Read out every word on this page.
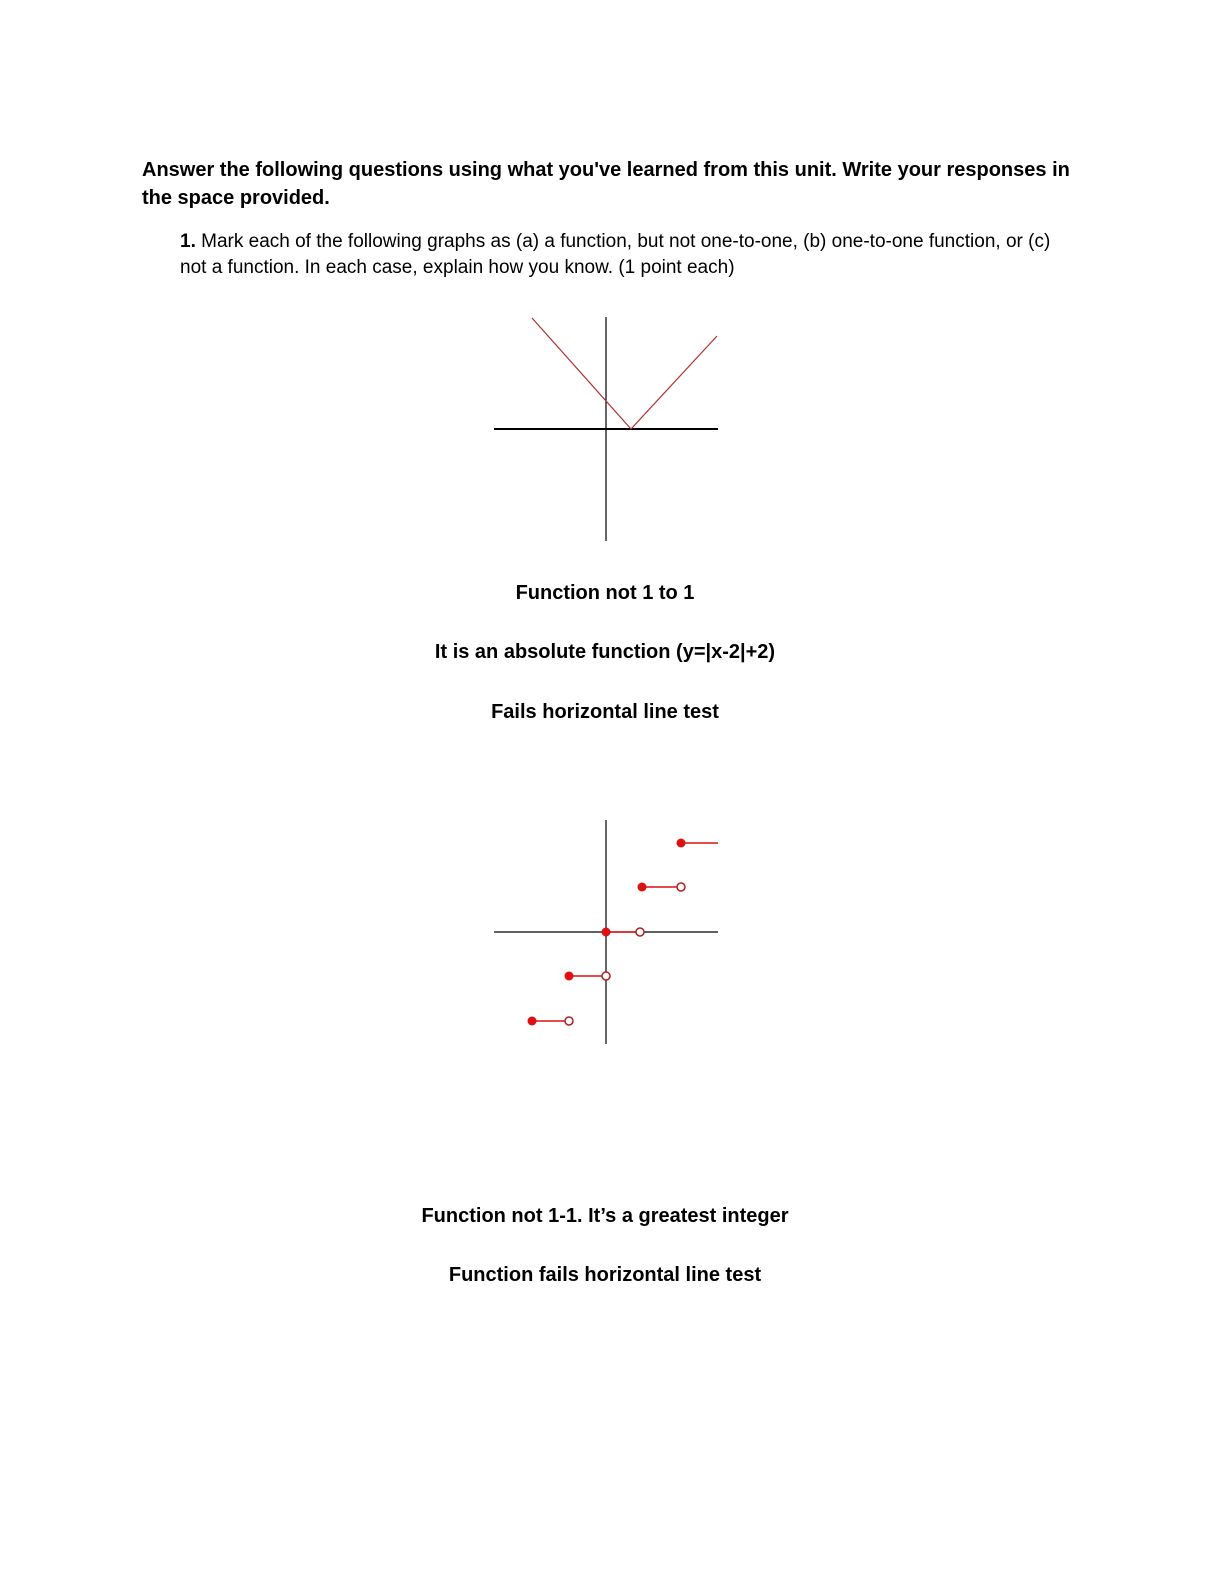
Answer the following questions using what you've learned from this unit. Write your responses in the space provided.

1. Mark each of the following graphs as (a) a function, but not one-to-one, (b) one-to-one function, or (c) not a function. In each case, explain how you know. (1 point each)

Function not 1 to 1

It is an absolute function (y=|x-2|+2)

Fails horizontal line test

Function not 1-1. It’s a greatest integer

Function fails horizontal line test
